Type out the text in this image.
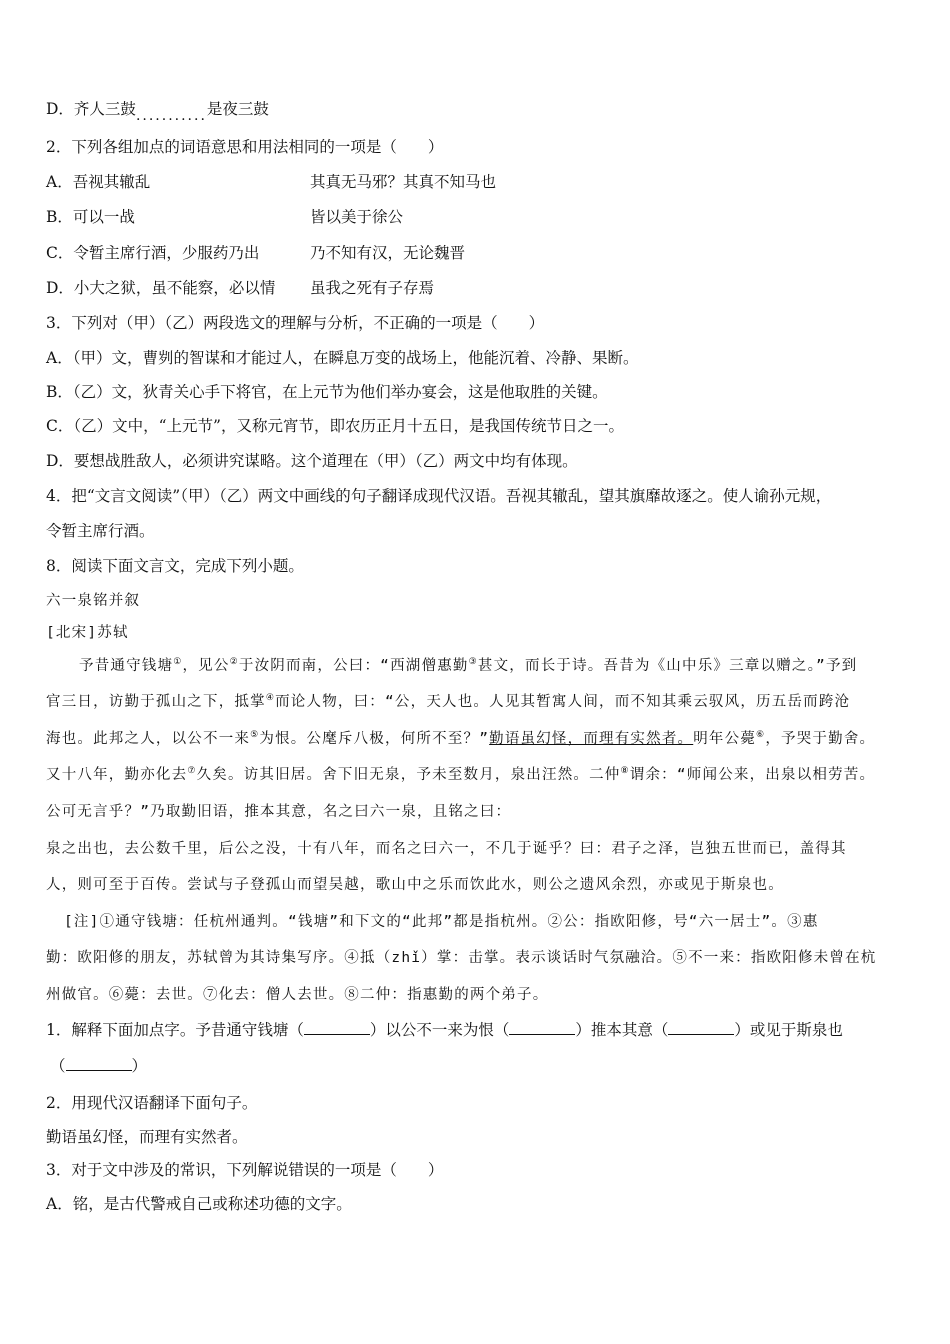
D．齐人三鼓...........是夜三鼓
2．下列各组加点的词语意思和用法相同的一项是（　　）
A．吾视其辙乱	其真无马邪？其真不知马也
B．可以一战	皆以美于徐公
C．令暂主席行酒，少服药乃出	乃不知有汉，无论魏晋
D．小大之狱，虽不能察，必以情 虽我之死有子存焉
3．下列对（甲）（乙）两段选文的理解与分析，不正确的一项是（　　）
A．（甲）文，曹刿的智谋和才能过人，在瞬息万变的战场上，他能沉着、冷静、果断。
B．（乙）文，狄青关心手下将官，在上元节为他们举办宴会，这是他取胜的关键。
C．（乙）文中，“上元节”，又称元宵节，即农历正月十五日，是我国传统节日之一。
D．要想战胜敌人，必须讲究谋略。这个道理在（甲）（乙）两文中均有体现。
4．把“文言文阅读”（甲）（乙）两文中画线的句子翻译成现代汉语。吾视其辙乱，望其旗靡故逐之。使人谕孙元规，
令暂主席行酒。
8．阅读下面文言文，完成下列小题。
六一泉铭并叙
[北宋]苏轼
予昔通守钱塘①，见公②于汝阴而南，公曰：“西湖僧惠勤③甚文，而长于诗。吾昔为《山中乐》三章以赠之。”予到
官三日，访勤于孤山之下，抵掌④而论人物，曰：“公，天人也。人见其暂寓人间，而不知其乘云驭风，历五岳而跨沧
海也。此邦之人，以公不一来⑤为恨。公麾斥八极，何所不至？”勤语虽幻怪，而理有实然者。明年公薨⑥，予哭于勤舍。
又十八年，勤亦化去⑦久矣。访其旧居。舍下旧无泉，予未至数月，泉出汪然。二仲⑧谓余：“师闻公来，出泉以相劳苦。
公可无言乎？”乃取勤旧语，推本其意，名之曰六一泉，且铭之曰：
泉之出也，去公数千里，后公之没，十有八年，而名之曰六一，不几于诞乎？曰：君子之泽，岂独五世而已，盖得其
人，则可至于百传。尝试与子登孤山而望吴越，歌山中之乐而饮此水，则公之遗风余烈，亦或见于斯泉也。
[注]①通守钱塘：任杭州通判。“钱塘”和下文的“此邦”都是指杭州。②公：指欧阳修，号“六一居士”。③惠
勤：欧阳修的朋友，苏轼曾为其诗集写序。④抵（zhǐ）掌：击掌。表示谈话时气氛融洽。⑤不一来：指欧阳修未曾在杭
州做官。⑥薨：去世。⑦化去：僧人去世。⑧二仲：指惠勤的两个弟子。
1．解释下面加点字。予昔通守钱塘（	）以公不一来为恨（	）推本其意（	）或见于斯泉也
（	）
2．用现代汉语翻译下面句子。
勤语虽幻怪，而理有实然者。
3．对于文中涉及的常识，下列解说错误的一项是（　　）
A．铭，是古代警戒自己或称述功德的文字。
